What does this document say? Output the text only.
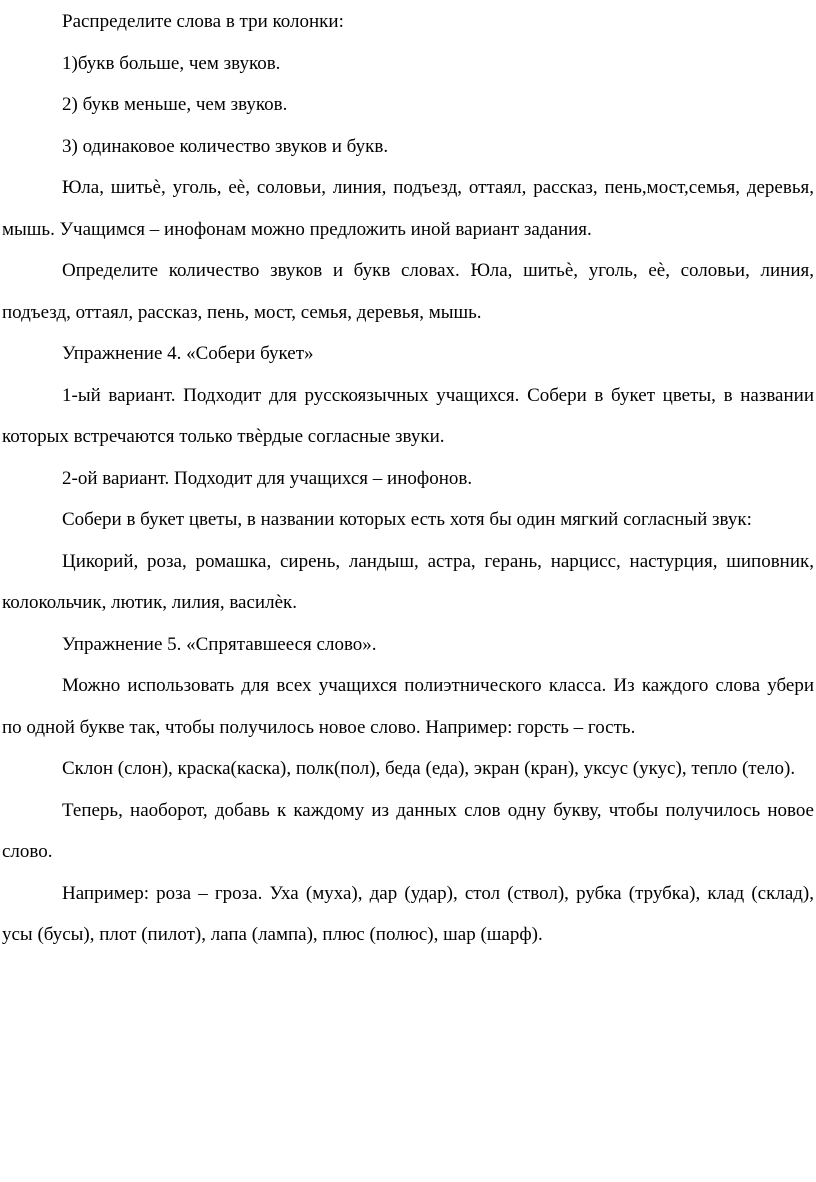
Распределите слова в три колонки:

1)букв больше, чем звуков.

2) букв меньше, чем звуков.

3) одинаковое количество звуков и букв.

Юла, шитьѐ, уголь, еѐ, соловьи, линия, подъезд, оттаял, рассказ, пень,мост,семья, деревья, мышь. Учащимся – инофонам можно предложить иной вариант задания.

Определите количество звуков и букв словах. Юла, шитьѐ, уголь, еѐ, соловьи, линия, подъезд, оттаял, рассказ, пень, мост, семья, деревья, мышь.

Упражнение 4. «Собери букет»

1-ый вариант. Подходит для русскоязычных учащихся. Собери в букет цветы, в названии которых встречаются только твѐрдые согласные звуки.

2-ой вариант. Подходит для учащихся – инофонов.

Собери в букет цветы, в названии которых есть хотя бы один мягкий согласный звук:

Цикорий, роза, ромашка, сирень, ландыш, астра, герань, нарцисс, настурция, шиповник, колокольчик, лютик, лилия, василѐк.

Упражнение 5. «Спрятавшееся слово».

Можно использовать для всех учащихся полиэтнического класса. Из каждого слова убери по одной букве так, чтобы получилось новое слово. Например: горсть – гость.

Склон (слон), краска(каска), полк(пол), беда (еда), экран (кран), уксус (укус), тепло (тело).

Теперь, наоборот, добавь к каждому из данных слов одну букву, чтобы получилось новое слово.

Например: роза – гроза. Уха (муха), дар (удар), стол (ствол), рубка (трубка), клад (склад), усы (бусы), плот (пилот), лапа (лампа), плюс (полюс), шар (шарф).
